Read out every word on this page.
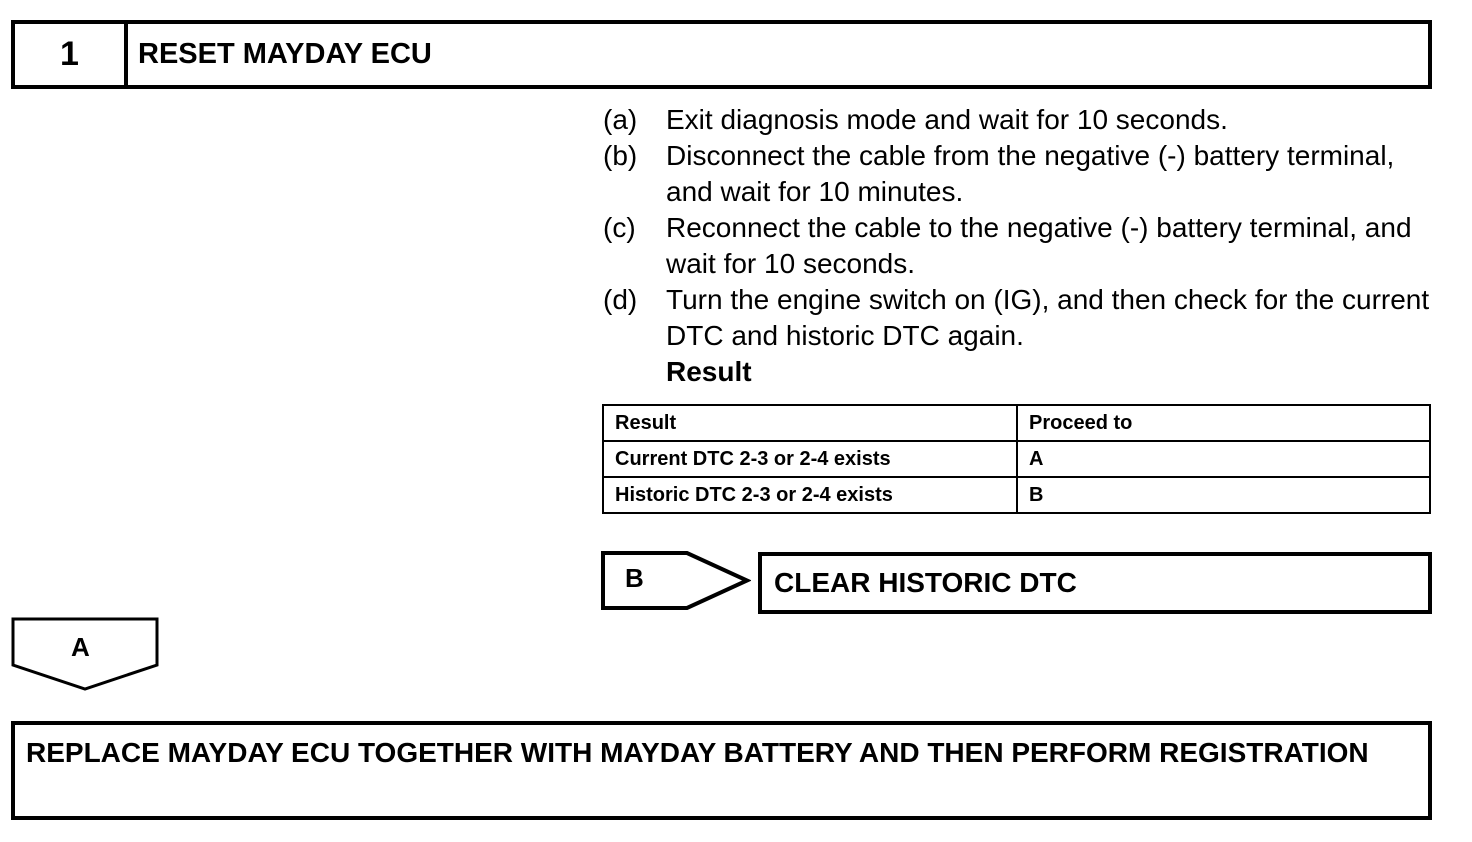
1	RESET MAYDAY ECU
(a)	Exit diagnosis mode and wait for 10 seconds.
(b)	Disconnect the cable from the negative (-) battery terminal, and wait for 10 minutes.
(c)	Reconnect the cable to the negative (-) battery terminal, and wait for 10 seconds.
(d)	Turn the engine switch on (IG), and then check for the current DTC and historic DTC again.
Result
Result	Proceed to
Current DTC 2-3 or 2-4 exists	A
Historic DTC 2-3 or 2-4 exists	B
B	CLEAR HISTORIC DTC
A
REPLACE MAYDAY ECU TOGETHER WITH MAYDAY BATTERY AND THEN PERFORM REGISTRATION
